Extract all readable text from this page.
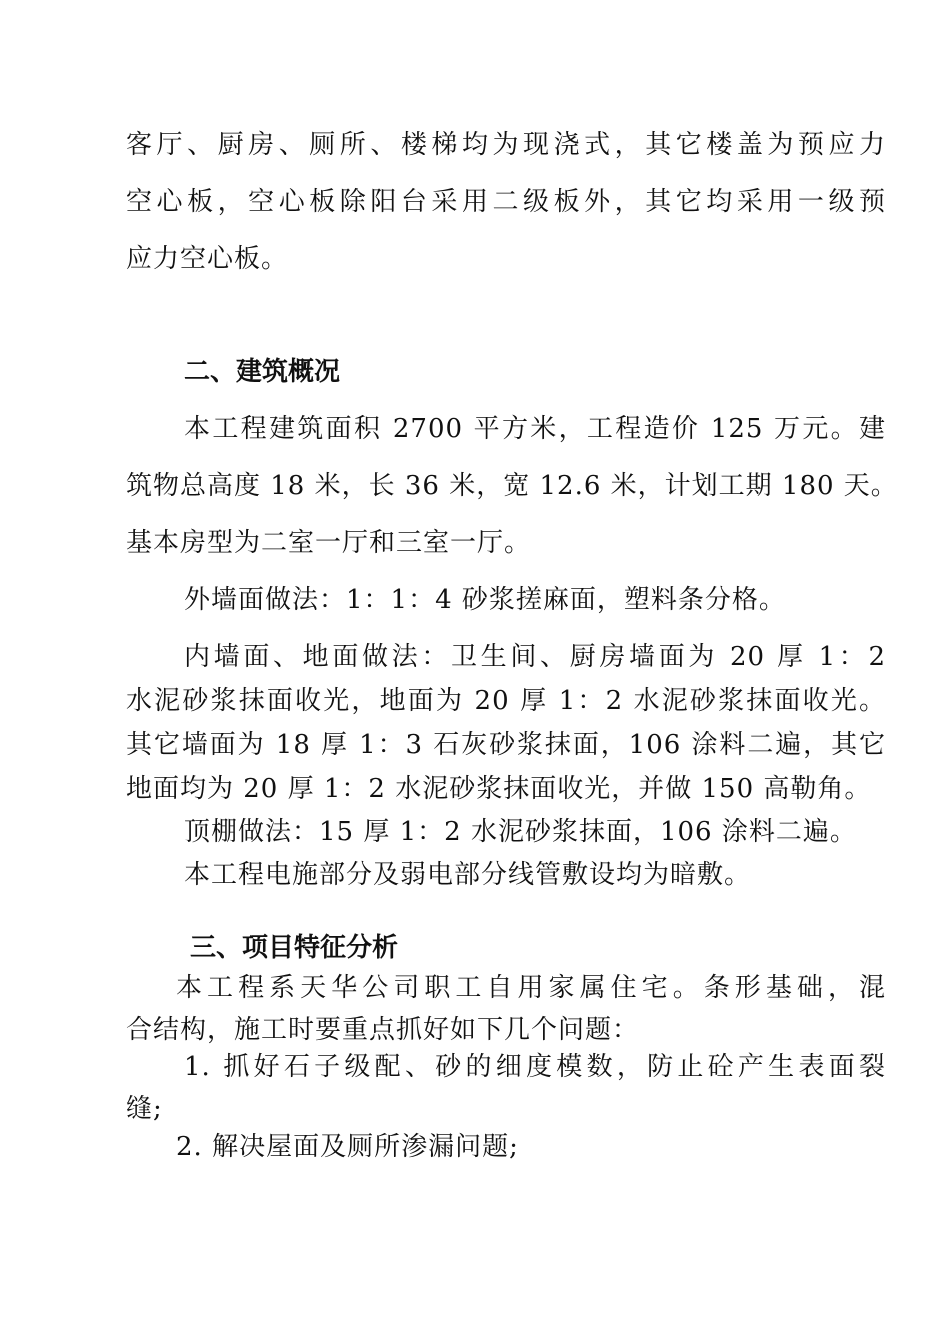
客厅、厨房、厕所、楼梯均为现浇式，其它楼盖为预应力
空心板，空心板除阳台采用二级板外，其它均采用一级预
应力空心板。
二、建筑概况
本工程建筑面积 2700 平方米，工程造价 125 万元。建
筑物总高度 18 米，长 36 米，宽 12.6 米，计划工期 180 天。
基本房型为二室一厅和三室一厅。
外墙面做法：1：1：4 砂浆搓麻面，塑料条分格。
内墙面、地面做法：卫生间、厨房墙面为 20 厚 1：2
水泥砂浆抹面收光，地面为 20 厚 1：2 水泥砂浆抹面收光。
其它墙面为 18 厚 1：3 石灰砂浆抹面，106 涂料二遍，其它
地面均为 20 厚 1：2 水泥砂浆抹面收光，并做 150 高勒角。
顶棚做法：15 厚 1：2 水泥砂浆抹面，106 涂料二遍。
本工程电施部分及弱电部分线管敷设均为暗敷。
三、项目特征分析
本工程系天华公司职工自用家属住宅。条形基础，混
合结构，施工时要重点抓好如下几个问题：
1. 抓好石子级配、砂的细度模数，防止砼产生表面裂
缝;
2. 解决屋面及厕所渗漏问题;
